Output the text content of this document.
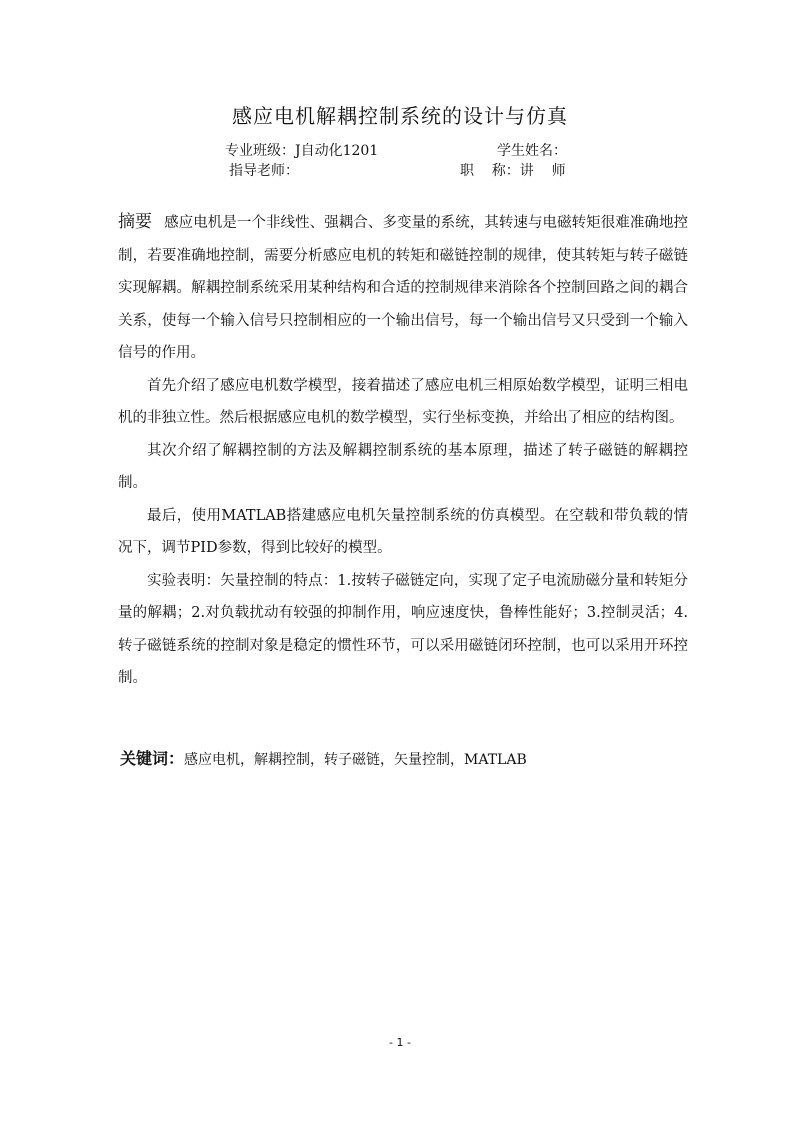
感应电机解耦控制系统的设计与仿真
专业班级：J自动化1201	学生姓名：
指导老师：	职    称：讲    师

摘要 感应电机是一个非线性、强耦合、多变量的系统，其转速与电磁转矩很难准确地控制，若要准确地控制，需要分析感应电机的转矩和磁链控制的规律，使其转矩与转子磁链实现解耦。解耦控制系统采用某种结构和合适的控制规律来消除各个控制回路之间的耦合关系，使每一个输入信号只控制相应的一个输出信号，每一个输出信号又只受到一个输入信号的作用。

首先介绍了感应电机数学模型，接着描述了感应电机三相原始数学模型，证明三相电机的非独立性。然后根据感应电机的数学模型，实行坐标变换，并给出了相应的结构图。

其次介绍了解耦控制的方法及解耦控制系统的基本原理，描述了转子磁链的解耦控制。

最后，使用MATLAB搭建感应电机矢量控制系统的仿真模型。在空载和带负载的情况下，调节PID参数，得到比较好的模型。

实验表明：矢量控制的特点：1.按转子磁链定向，实现了定子电流励磁分量和转矩分量的解耦；2.对负载扰动有较强的抑制作用，响应速度快，鲁棒性能好；3.控制灵活；4.转子磁链系统的控制对象是稳定的惯性环节，可以采用磁链闭环控制，也可以采用开环控制。

关键词：感应电机，解耦控制，转子磁链，矢量控制，MATLAB
- 1 -
